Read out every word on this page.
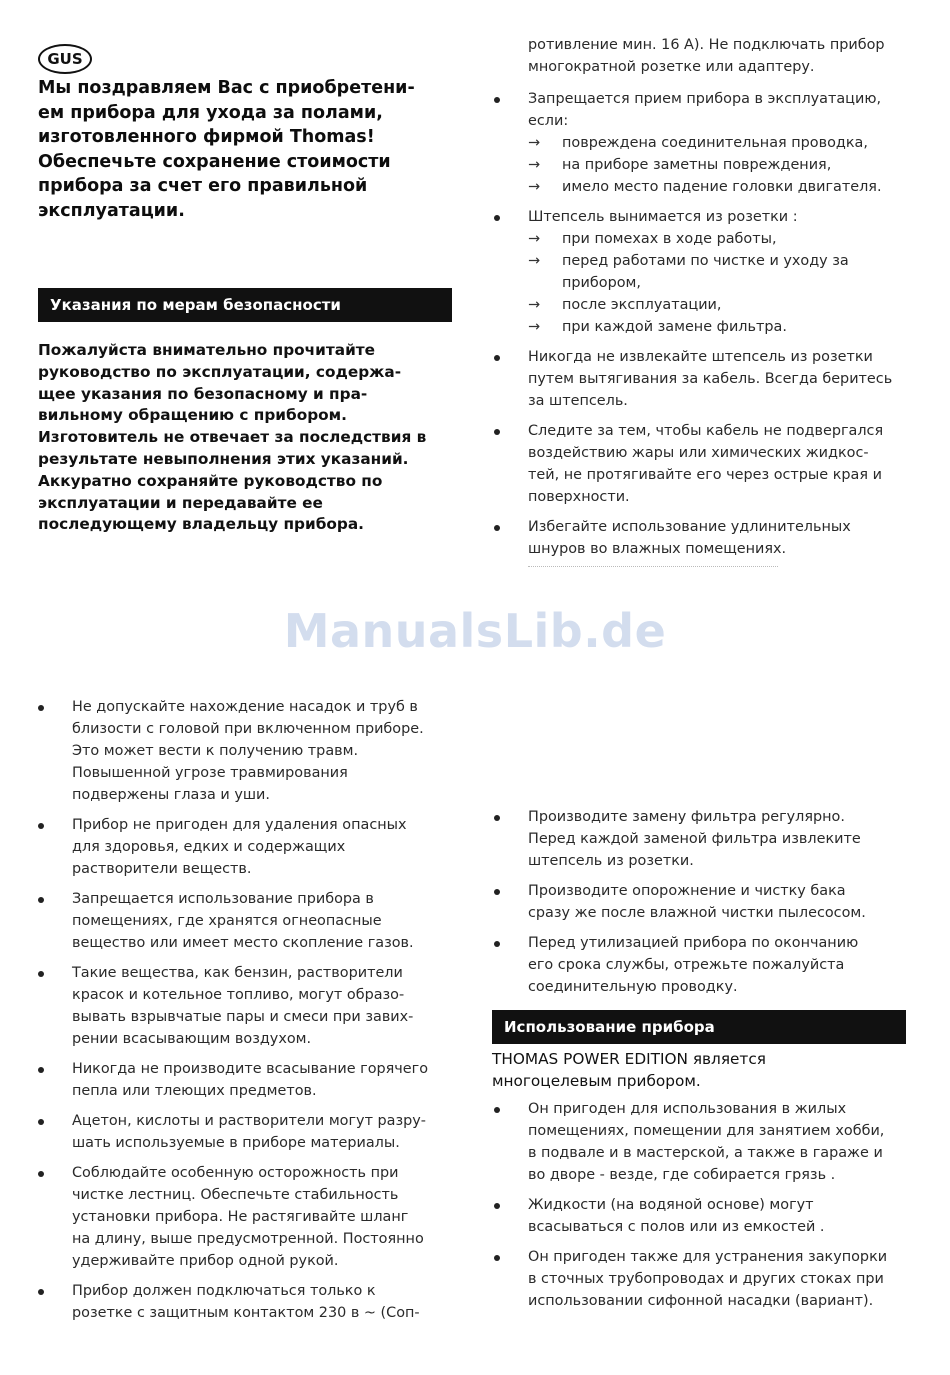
GUS

Мы поздравляем Вас с приобретени-
ем прибора для ухода за полами,
изготовленного фирмой Thomas!
Обеспечьте сохранение стоимости
прибора за счет его правильной
эксплуатации.

Указания по мерам безопасности

Пожалуйста внимательно прочитайте
руководство по эксплуатации, содержа-
щее указания по безопасному и пра-
вильному обращению с прибором.
Изготовитель не отвечает за последствия в
результате невыполнения этих указаний.
Аккуратно сохраняйте руководство по
эксплуатации и передавайте ее
последующему владельцу прибора.

ротивление мин. 16 А). Не подключать прибор
многократной розетке или адаптеру.
Запрещается прием прибора в эксплуатацию,
если:
→ повреждена соединительная проводка,
→ на приборе заметны повреждения,
→ имело место падение головки двигателя.
Штепсель вынимается из розетки :
→ при помехах в ходе работы,
→ перед работами по чистке и уходу за
прибором,
→ после эксплуатации,
→ при каждой замене фильтра.
Никогда не извлекайте штепсель из розетки
путем вытягивания за кабель. Всегда беритесь
за штепсель.
Следите за тем, чтобы кабель не подвергался
воздействию жары или химических жидкос-
тей, не протягивайте его через острые края и
поверхности.
Избегайте использование удлинительных
шнуров во влажных помещениях.
ManualsLib.de
Не допускайте нахождение насадок и труб в
близости с головой при включенном приборе.
Это может вести к получению травм.
Повышенной угрозе травмирования
подвержены глаза и уши.
Прибор не пригоден для удаления опасных
для здоровья, едких и содержащих
растворители веществ.
Запрещается использование прибора в
помещениях, где хранятся огнеопасные
вещество или имеет место скопление газов.
Такие вещества, как бензин, растворители
красок и котельное топливо, могут образо-
вывать взрывчатые пары и смеси при завих-
рении всасывающим воздухом.
Никогда не производите всасывание горячего
пепла или тлеющих предметов.
Ацетон, кислоты и растворители могут разру-
шать используемые в приборе материалы.
Соблюдайте особенную осторожность при
чистке лестниц. Обеспечьте стабильность
установки прибора. Не растягивайте шланг
на длину, выше предусмотренной. Постоянно
удерживайте прибор одной рукой.
Прибор должен подключаться только к
розетке с защитным контактом 230 в ~ (Соп-
Производите замену фильтра регулярно.
Перед каждой заменой фильтра извлеките
штепсель из розетки.
Производите опорожнение и чистку бака
сразу же после влажной чистки пылесосом.
Перед утилизацией прибора по окончанию
его срока службы, отрежьте пожалуйста
соединительную проводку.
Использование прибора

THOMAS POWER EDITION является
многоцелевым прибором.

Он пригоден для использования в жилых
помещениях, помещении для занятием хобби,
в подвале и в мастерской, а также в гараже и
во дворе - везде, где собирается грязь .
Жидкости (на водяной основе) могут
всасываться с полов или из емкостей .
Он пригоден также для устранения закупорки
в сточных трубопроводах и других стоках при
использовании сифонной насадки (вариант).
